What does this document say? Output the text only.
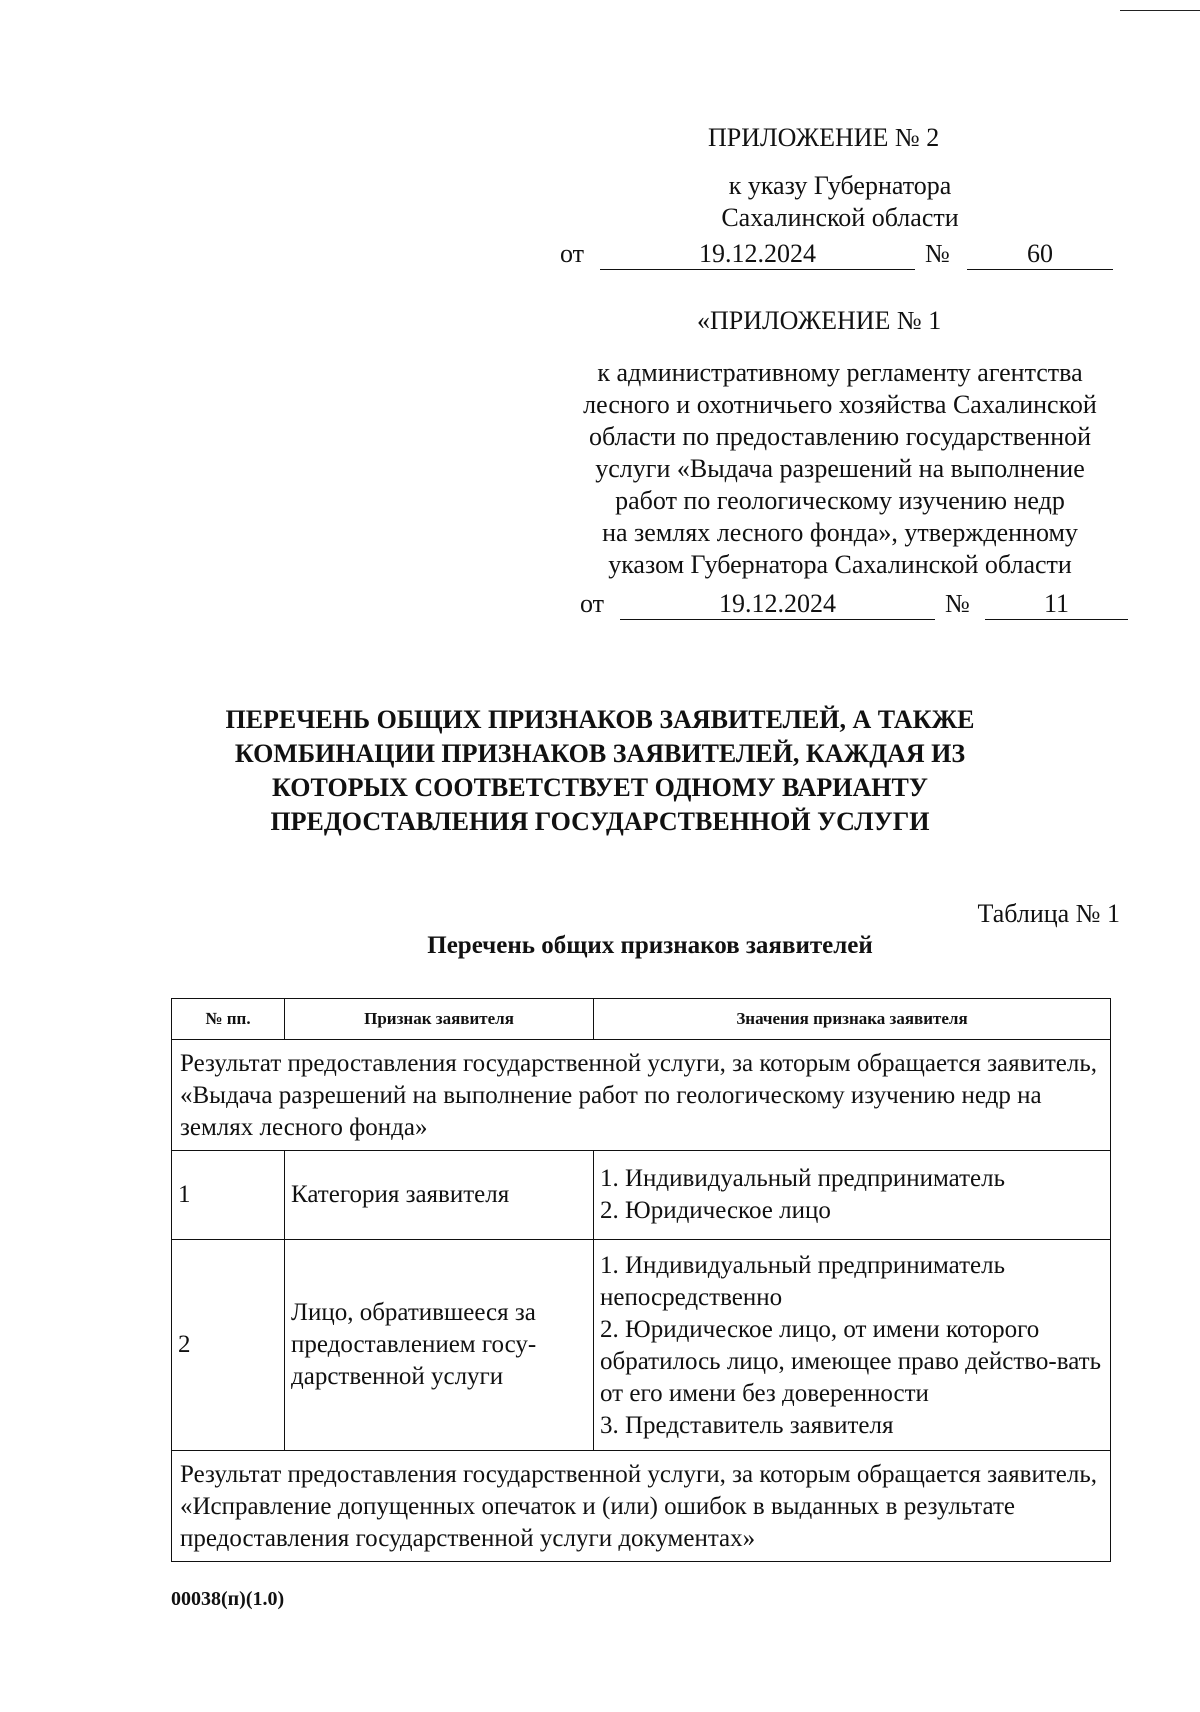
ПРИЛОЖЕНИЕ № 2
к указу Губернатора
Сахалинской области
от	19.12.2024	№	60
«ПРИЛОЖЕНИЕ № 1
к административному регламенту агентства
лесного и охотничьего хозяйства Сахалинской
области по предоставлению государственной
услуги «Выдача разрешений на выполнение
работ по геологическому изучению недр
на землях лесного фонда», утвержденному
указом Губернатора Сахалинской области
от	19.12.2024	№	11
ПЕРЕЧЕНЬ ОБЩИХ ПРИЗНАКОВ ЗАЯВИТЕЛЕЙ, А ТАКЖЕ
КОМБИНАЦИИ ПРИЗНАКОВ ЗАЯВИТЕЛЕЙ, КАЖДАЯ ИЗ
КОТОРЫХ СООТВЕТСТВУЕТ ОДНОМУ ВАРИАНТУ
ПРЕДОСТАВЛЕНИЯ ГОСУДАРСТВЕННОЙ УСЛУГИ
Таблица № 1
Перечень общих признаков заявителей
№ пп.	Признак заявителя	Значения признака заявителя
Результат предоставления государственной услуги, за которым обращается заявитель, «Выдача разрешений на выполнение работ по геологическому изучению недр на землях лесного фонда»		
1	Категория заявителя	1. Индивидуальный предприниматель
2. Юридическое лицо

2	Лицо, обратившееся за предоставлением госу-дарственной услуги	1. Индивидуальный предприниматель непосредственно
2. Юридическое лицо, от имени которого обратилось лицо, имеющее право действо-вать от его имени без доверенности
3. Представитель заявителя

Результат предоставления государственной услуги, за которым обращается заявитель, «Исправление допущенных опечаток и (или) ошибок в выданных в результате предоставления государственной услуги документах»		
00038(п)(1.0)
